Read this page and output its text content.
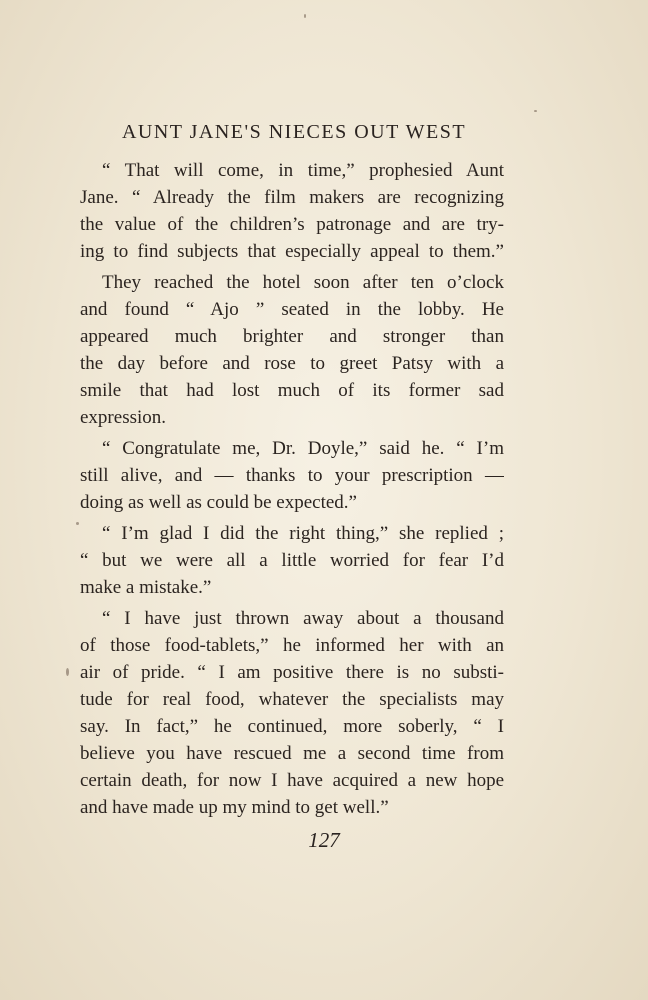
AUNT JANE'S NIECES OUT WEST
“ That will come, in time,” prophesied Aunt
Jane. “ Already the film makers are recognizing
the value of the children’s patronage and are try-
ing to find subjects that especially appeal to them.”
They reached the hotel soon after ten o’clock
and found “ Ajo ” seated in the lobby. He
appeared much brighter and stronger than
the day before and rose to greet Patsy with a
smile that had lost much of its former sad
expression.
“ Congratulate me, Dr. Doyle,” said he. “ I’m
still alive, and — thanks to your prescription —
doing as well as could be expected.”
“ I’m glad I did the right thing,” she replied ;
“ but we were all a little worried for fear I’d
make a mistake.”
“ I have just thrown away about a thousand
of those food-tablets,” he informed her with an
air of pride. “ I am positive there is no substi-
tude for real food, whatever the specialists may
say. In fact,” he continued, more soberly, “ I
believe you have rescued me a second time from
certain death, for now I have acquired a new hope
and have made up my mind to get well.”
127
